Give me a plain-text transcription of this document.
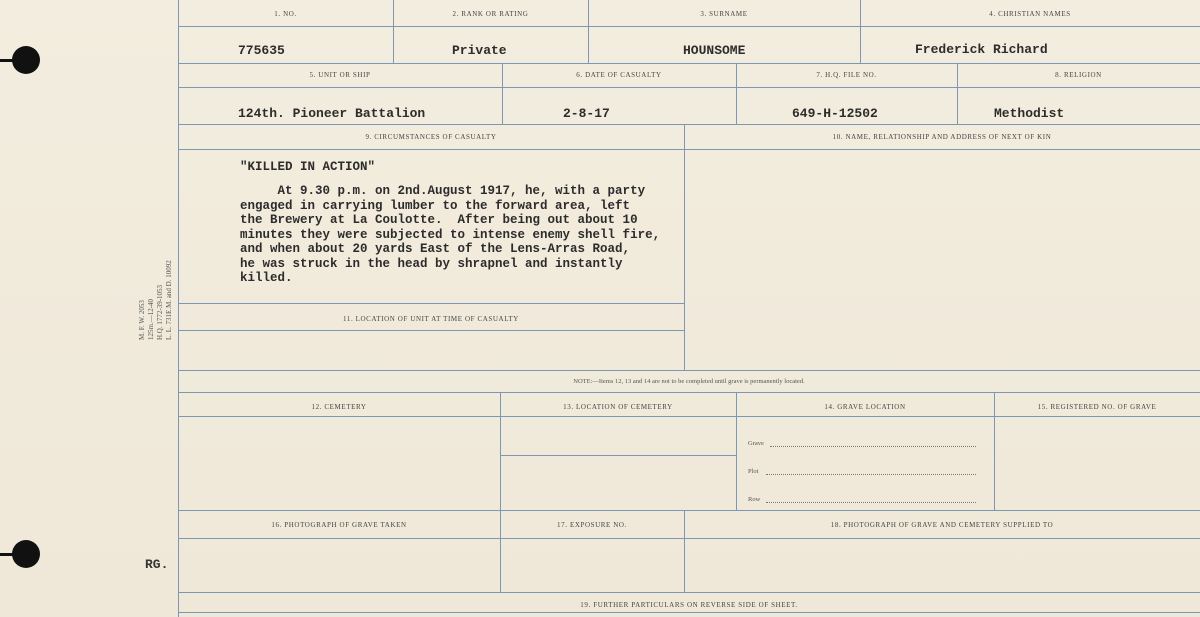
M. F. W. 2053 125m.—12-40 H.Q. 1772-39-1053 L. L. 731E.M. and D. 10092
RG.
1. NO.	2. RANK OR RATING	3. SURNAME	4. CHRISTIAN NAMES
775635	Private	HOUNSOME	Frederick Richard
5. UNIT OR SHIP	6. DATE OF CASUALTY	7. H.Q. FILE NO.	8. RELIGION
124th. Pioneer Battalion	2-8-17	649-H-12502	Methodist
9. CIRCUMSTANCES OF CASUALTY	10. NAME, RELATIONSHIP AND ADDRESS OF NEXT OF KIN
"KILLED IN ACTION"
At 9.30 p.m. on 2nd.August 1917, he, with a party
engaged in carrying lumber to the forward area, left
the Brewery at La Coulotte.  After being out about 10
minutes they were subjected to intense enemy shell fire,
and when about 20 yards East of the Lens-Arras Road,
he was struck in the head by shrapnel and instantly
killed.
11. LOCATION OF UNIT AT TIME OF CASUALTY
NOTE:—Items 12, 13 and 14 are not to be completed until grave is permanently located.
12. CEMETERY	13. LOCATION OF CEMETERY	14. GRAVE LOCATION	15. REGISTERED NO. OF GRAVE
Grave
Plot
Row
16. PHOTOGRAPH OF GRAVE TAKEN	17. EXPOSURE NO.	18. PHOTOGRAPH OF GRAVE AND CEMETERY SUPPLIED TO
19. FURTHER PARTICULARS ON REVERSE SIDE OF SHEET.
